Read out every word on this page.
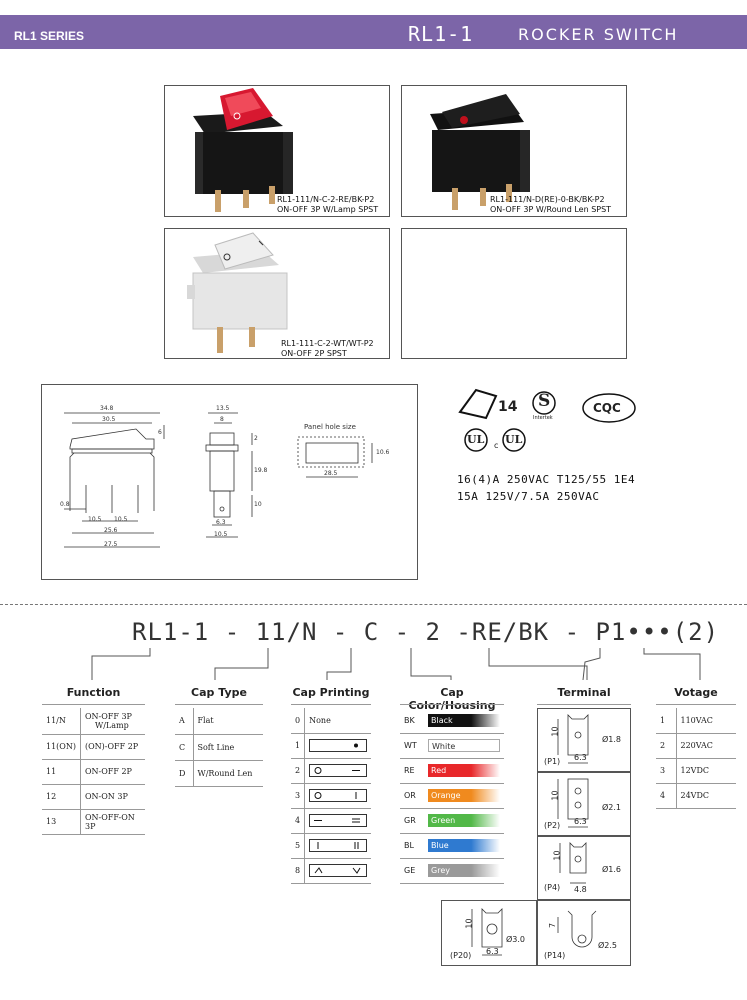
RL1 SERIES	RL1-1	ROCKER SWITCH
RL1-111/N-C-2-RE/BK-P2
ON-OFF 3P W/Lamp SPST
RL1-111/N-D(RE)-0-BK/BK-P2
ON-OFF 3P W/Round Len SPST
RL1-111-C-2-WT/WT-P2
ON-OFF 2P SPST
34.8
30.5
6
0.8
10.5 10.5
25.6
27.5
13.5
8
2
19.8
10
6.3
10.5
Panel hole size
28.5
10.6
14 S
Intertek
CQC
UL c UL
16(4)A 250VAC T125/55 1E4
15A 125V/7.5A 250VAC
RL1-1 - 11/N - C - 2 -RE/BK - P1•••(2)
Function
11/N	ON-OFF 3P
W/Lamp

11(ON)	(ON)-OFF 2P
11	ON-OFF 2P
12	ON-ON 3P
13	ON-OFF-ON 3P
Cap Type
A	Flat
C	Soft Line
D	W/Round Len
Cap Printing
0	None
1	
2	
3	
4	
5	
8	
Cap Color/Housing
BK	Black
WT	White
RE	Red
OR	Orange
GR	Green
BL	Blue
GE	Grey
Terminal
(P1)
10
6.3
Ø1.8
(P2)
10
6.3
Ø2.1
(P4)
10
4.8
Ø1.6
(P20)
10
6.3
Ø3.0
(P14)
7
Ø2.5
Votage
1	110VAC
2	220VAC
3	12VDC
4	24VDC
